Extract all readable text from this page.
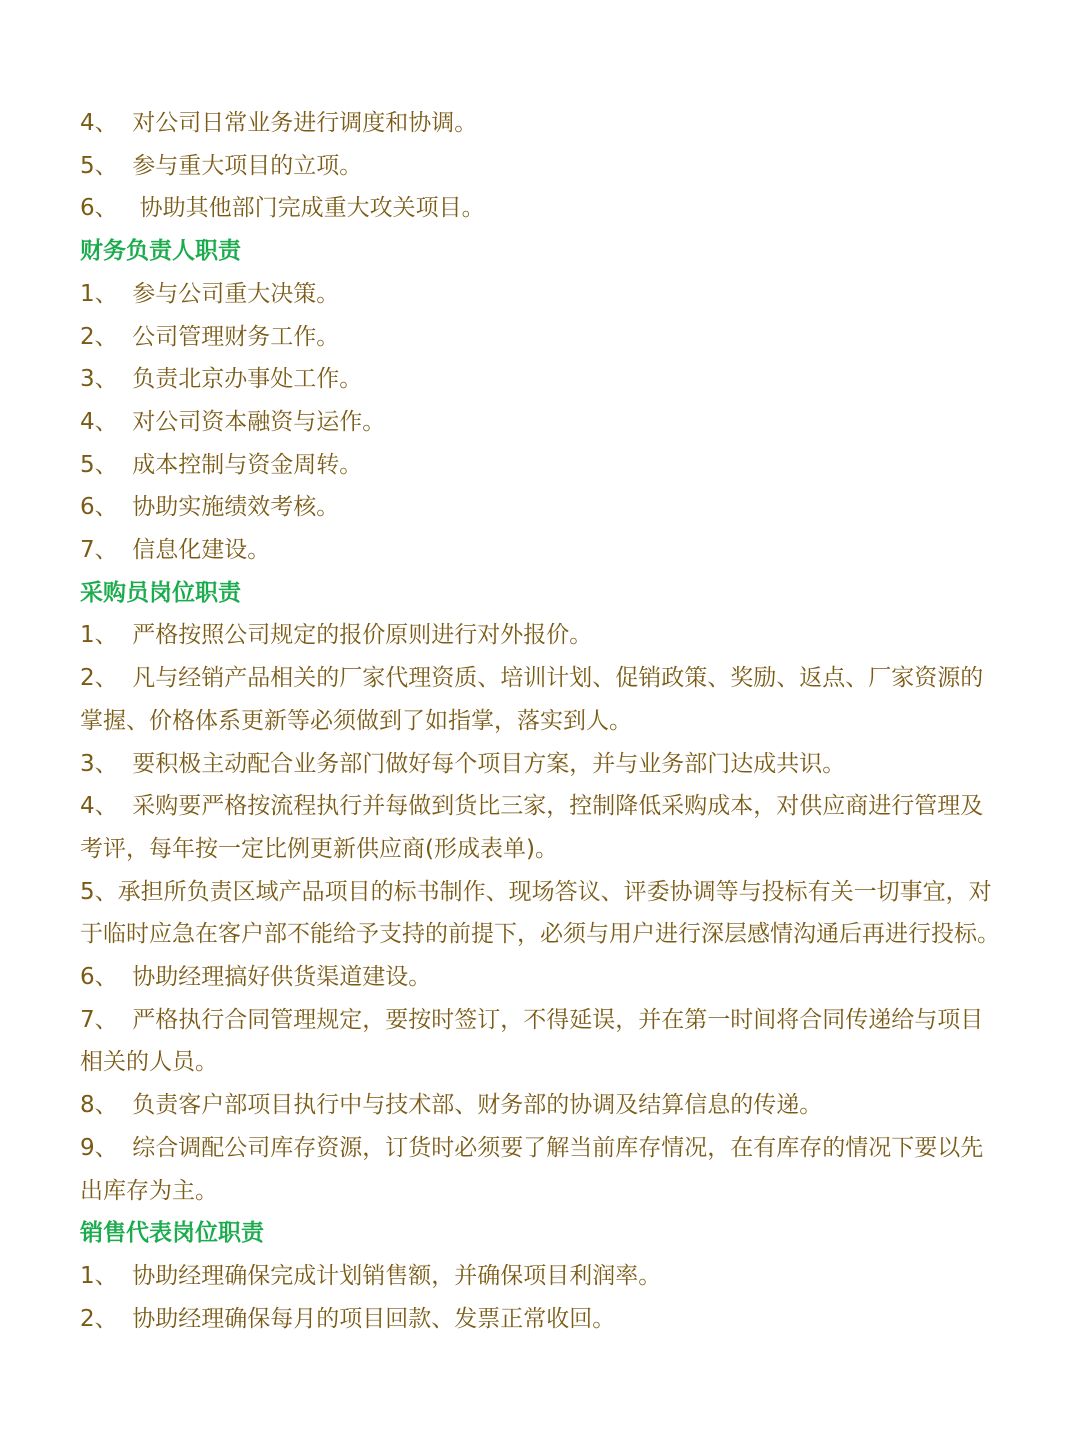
4、  对公司日常业务进行调度和协调。

5、  参与重大项目的立项。

6、   协助其他部门完成重大攻关项目。

财务负责人职责

1、  参与公司重大决策。

2、  公司管理财务工作。

3、  负责北京办事处工作。

4、  对公司资本融资与运作。

5、  成本控制与资金周转。

6、  协助实施绩效考核。

7、  信息化建设。

采购员岗位职责

1、  严格按照公司规定的报价原则进行对外报价。

2、  凡与经销产品相关的厂家代理资质、培训计划、促销政策、奖励、返点、厂家资源的掌握、价格体系更新等必须做到了如指掌，落实到人。

3、  要积极主动配合业务部门做好每个项目方案，并与业务部门达成共识。

4、  采购要严格按流程执行并每做到货比三家，控制降低采购成本，对供应商进行管理及考评，每年按一定比例更新供应商(形成表单)。

5、承担所负责区域产品项目的标书制作、现场答议、评委协调等与投标有关一切事宜，对于临时应急在客户部不能给予支持的前提下，必须与用户进行深层感情沟通后再进行投标。

6、  协助经理搞好供货渠道建设。

7、  严格执行合同管理规定，要按时签订，不得延误，并在第一时间将合同传递给与项目相关的人员。

8、  负责客户部项目执行中与技术部、财务部的协调及结算信息的传递。

9、  综合调配公司库存资源，订货时必须要了解当前库存情况，在有库存的情况下要以先出库存为主。

销售代表岗位职责

1、  协助经理确保完成计划销售额，并确保项目利润率。

2、  协助经理确保每月的项目回款、发票正常收回。
